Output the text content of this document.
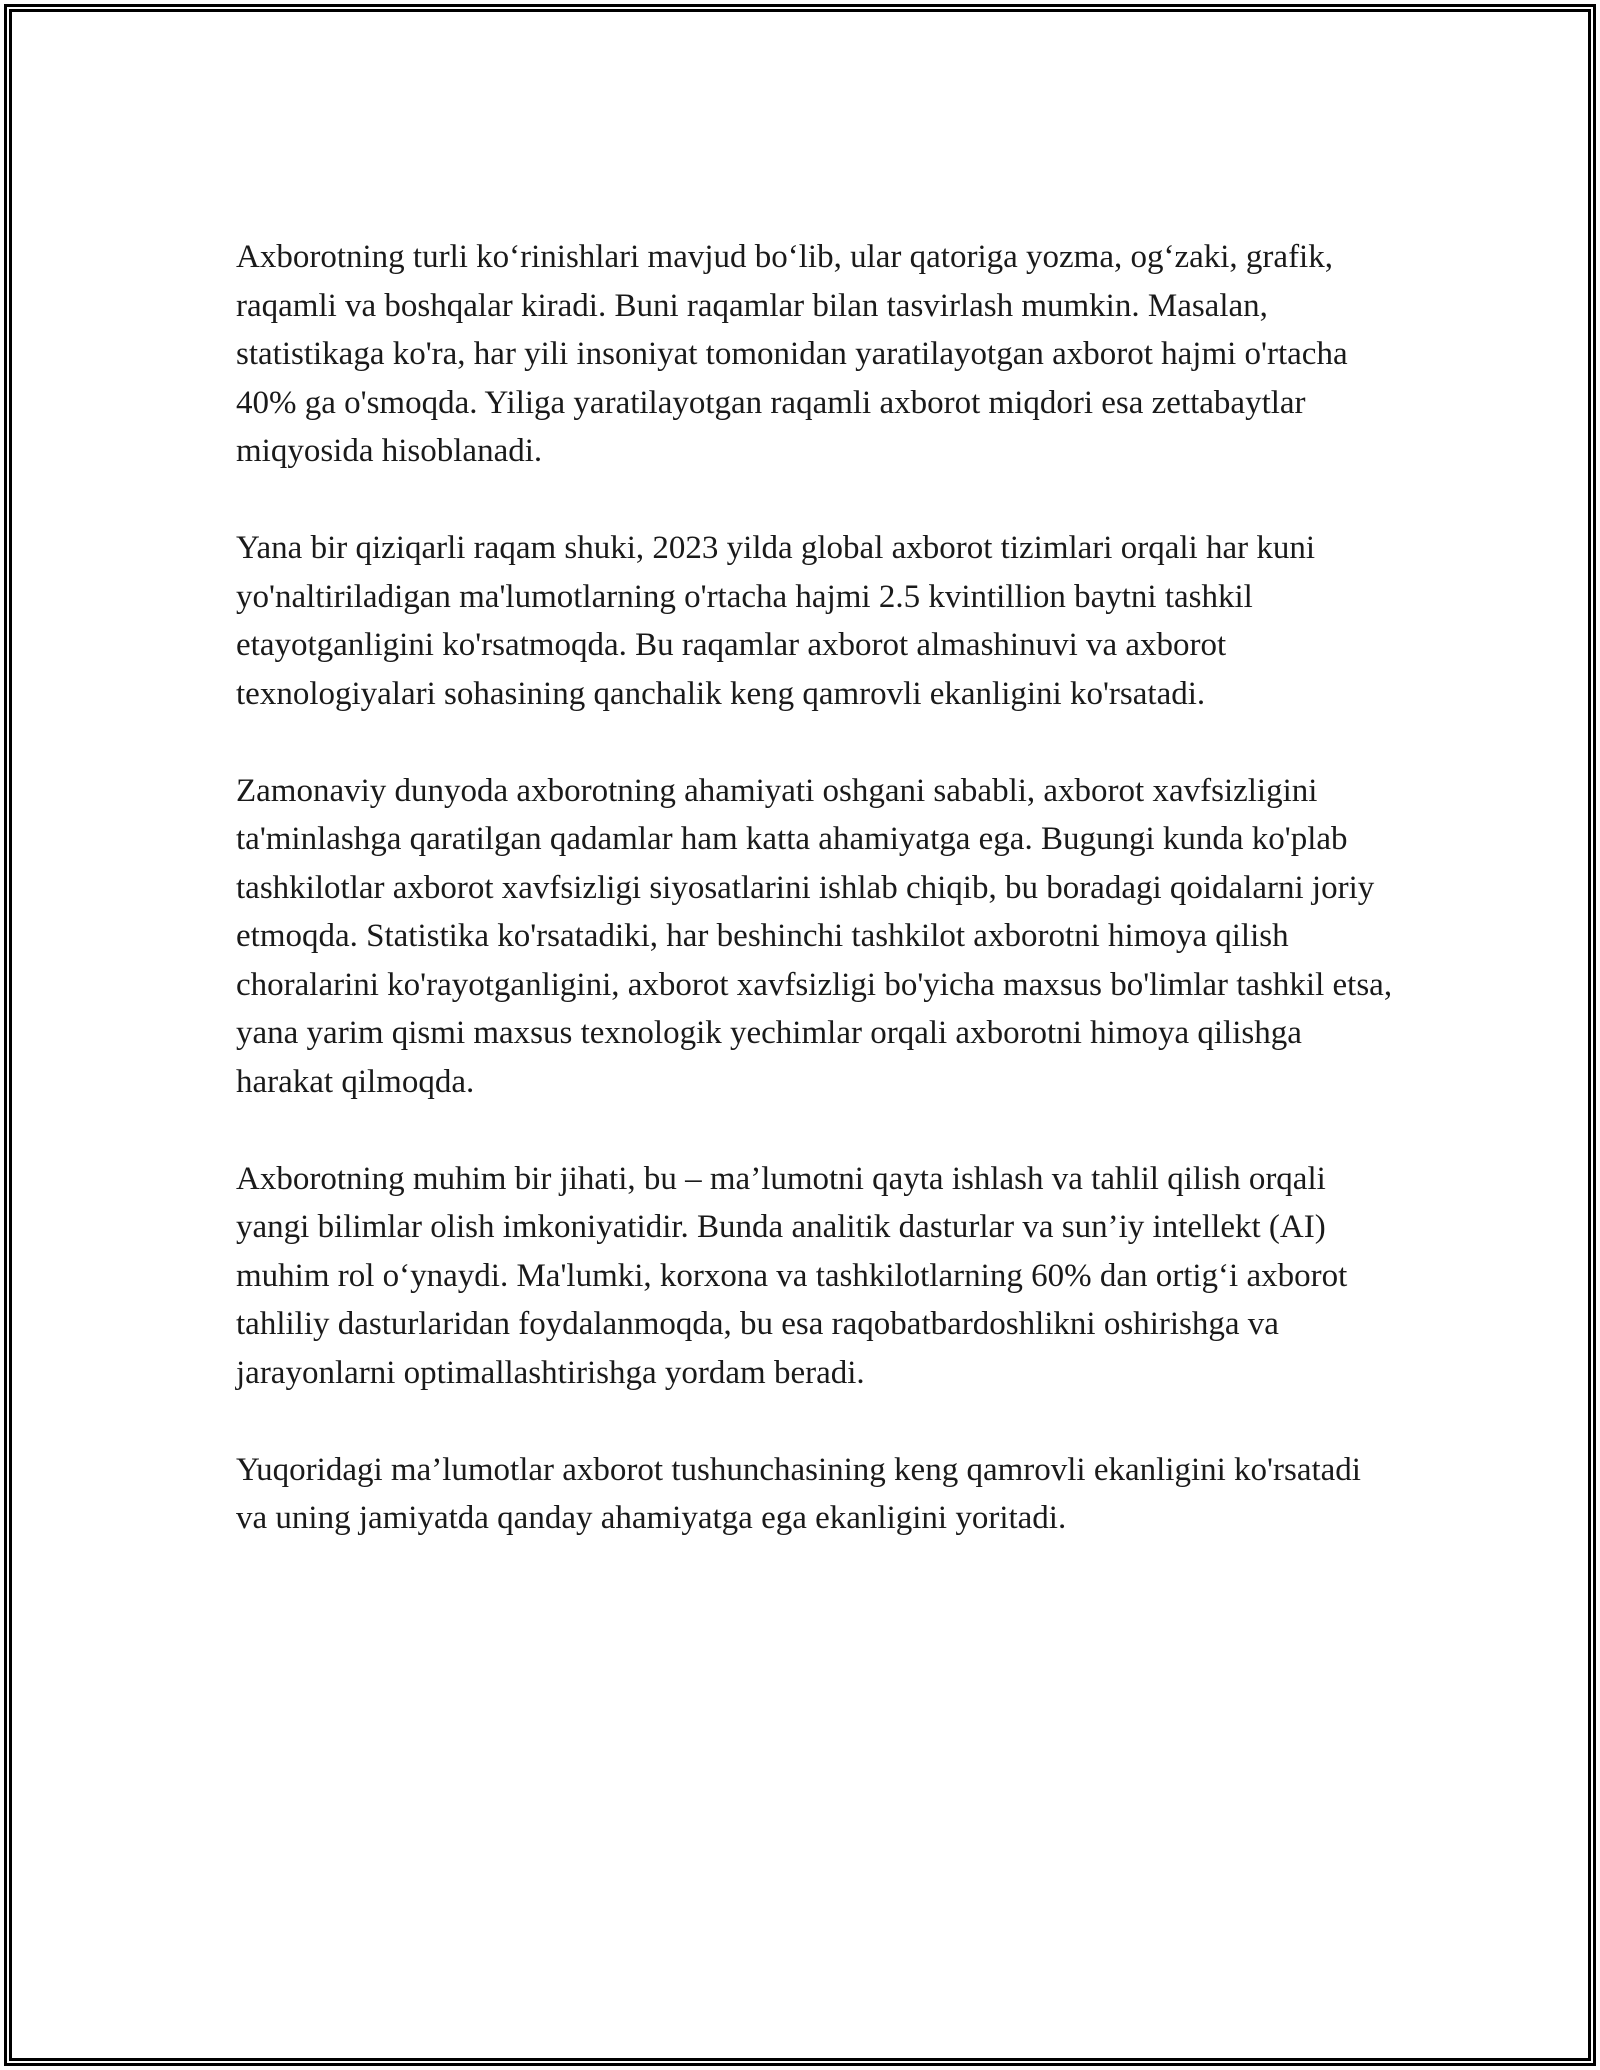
Axborotning turli ko‘rinishlari mavjud bo‘lib, ular qatoriga yozma, og‘zaki, grafik, raqamli va boshqalar kiradi. Buni raqamlar bilan tasvirlash mumkin. Masalan, statistikaga ko'ra, har yili insoniyat tomonidan yaratilayotgan axborot hajmi o'rtacha 40% ga o'smoqda. Yiliga yaratilayotgan raqamli axborot miqdori esa zettabaytlar miqyosida hisoblanadi.

Yana bir qiziqarli raqam shuki, 2023 yilda global axborot tizimlari orqali har kuni yo'naltiriladigan ma'lumotlarning o'rtacha hajmi 2.5 kvintillion baytni tashkil etayotganligini ko'rsatmoqda. Bu raqamlar axborot almashinuvi va axborot texnologiyalari sohasining qanchalik keng qamrovli ekanligini ko'rsatadi.

Zamonaviy dunyoda axborotning ahamiyati oshgani sababli, axborot xavfsizligini ta'minlashga qaratilgan qadamlar ham katta ahamiyatga ega. Bugungi kunda ko'plab tashkilotlar axborot xavfsizligi siyosatlarini ishlab chiqib, bu boradagi qoidalarni joriy etmoqda. Statistika ko'rsatadiki, har beshinchi tashkilot axborotni himoya qilish choralarini ko'rayotganligini, axborot xavfsizligi bo'yicha maxsus bo'limlar tashkil etsa, yana yarim qismi maxsus texnologik yechimlar orqali axborotni himoya qilishga harakat qilmoqda.

Axborotning muhim bir jihati, bu – ma’lumotni qayta ishlash va tahlil qilish orqali yangi bilimlar olish imkoniyatidir. Bunda analitik dasturlar va sun’iy intellekt (AI) muhim rol o‘ynaydi. Ma'lumki, korxona va tashkilotlarning 60% dan ortig‘i axborot tahliliy dasturlaridan foydalanmoqda, bu esa raqobatbardoshlikni oshirishga va jarayonlarni optimallashtirishga yordam beradi.

Yuqoridagi ma’lumotlar axborot tushunchasining keng qamrovli ekanligini ko'rsatadi va uning jamiyatda qanday ahamiyatga ega ekanligini yoritadi.
